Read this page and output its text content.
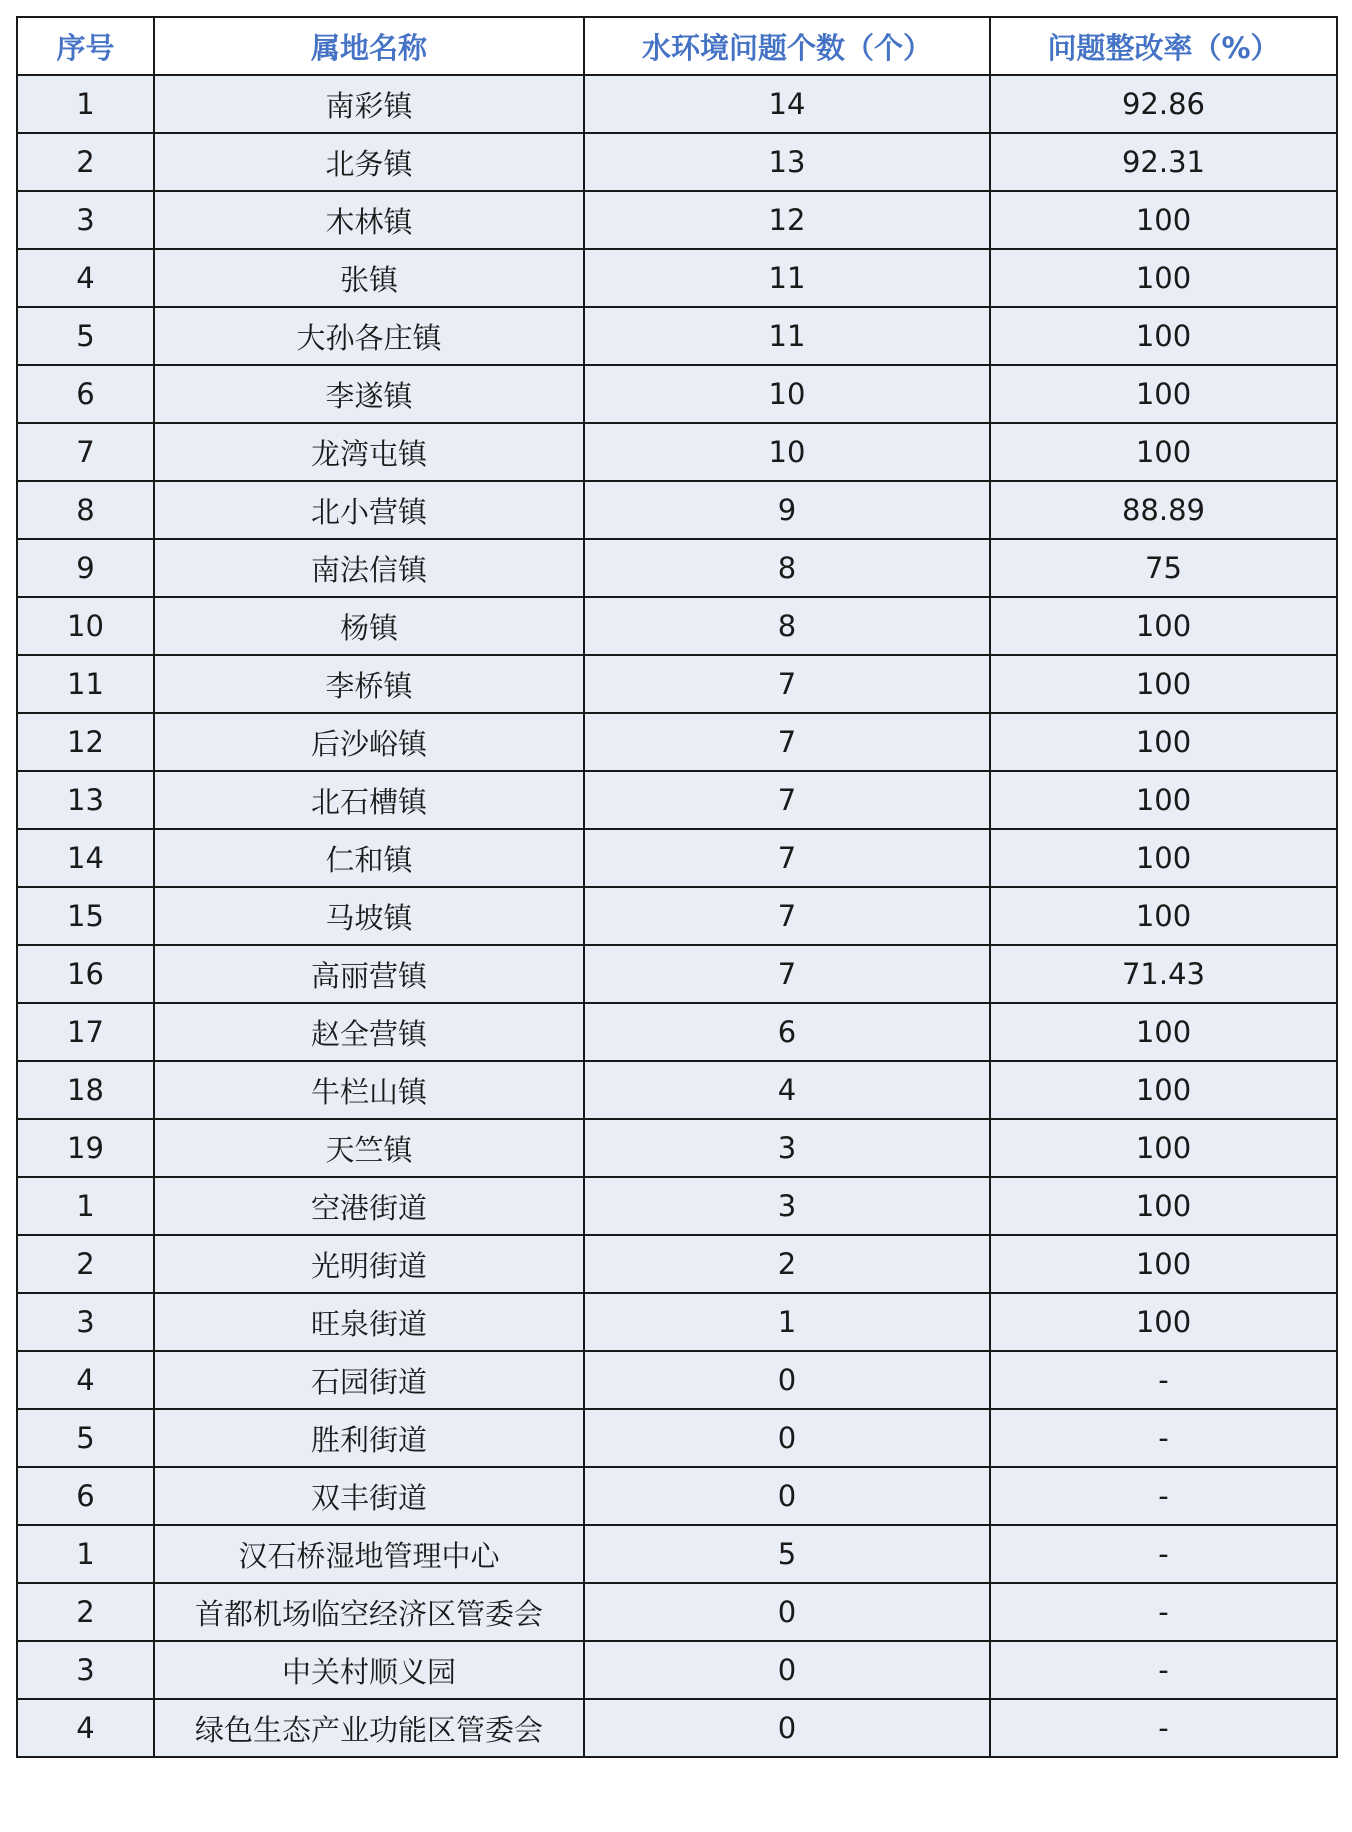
序号	属地名称	水环境问题个数（个）	问题整改率（%）
1	南彩镇	14	92.86
2	北务镇	13	92.31
3	木林镇	12	100
4	张镇	11	100
5	大孙各庄镇	11	100
6	李遂镇	10	100
7	龙湾屯镇	10	100
8	北小营镇	9	88.89
9	南法信镇	8	75
10	杨镇	8	100
11	李桥镇	7	100
12	后沙峪镇	7	100
13	北石槽镇	7	100
14	仁和镇	7	100
15	马坡镇	7	100
16	高丽营镇	7	71.43
17	赵全营镇	6	100
18	牛栏山镇	4	100
19	天竺镇	3	100
1	空港街道	3	100
2	光明街道	2	100
3	旺泉街道	1	100
4	石园街道	0	-
5	胜利街道	0	-
6	双丰街道	0	-
1	汉石桥湿地管理中心	5	-
2	首都机场临空经济区管委会	0	-
3	中关村顺义园	0	-
4	绿色生态产业功能区管委会	0	-
